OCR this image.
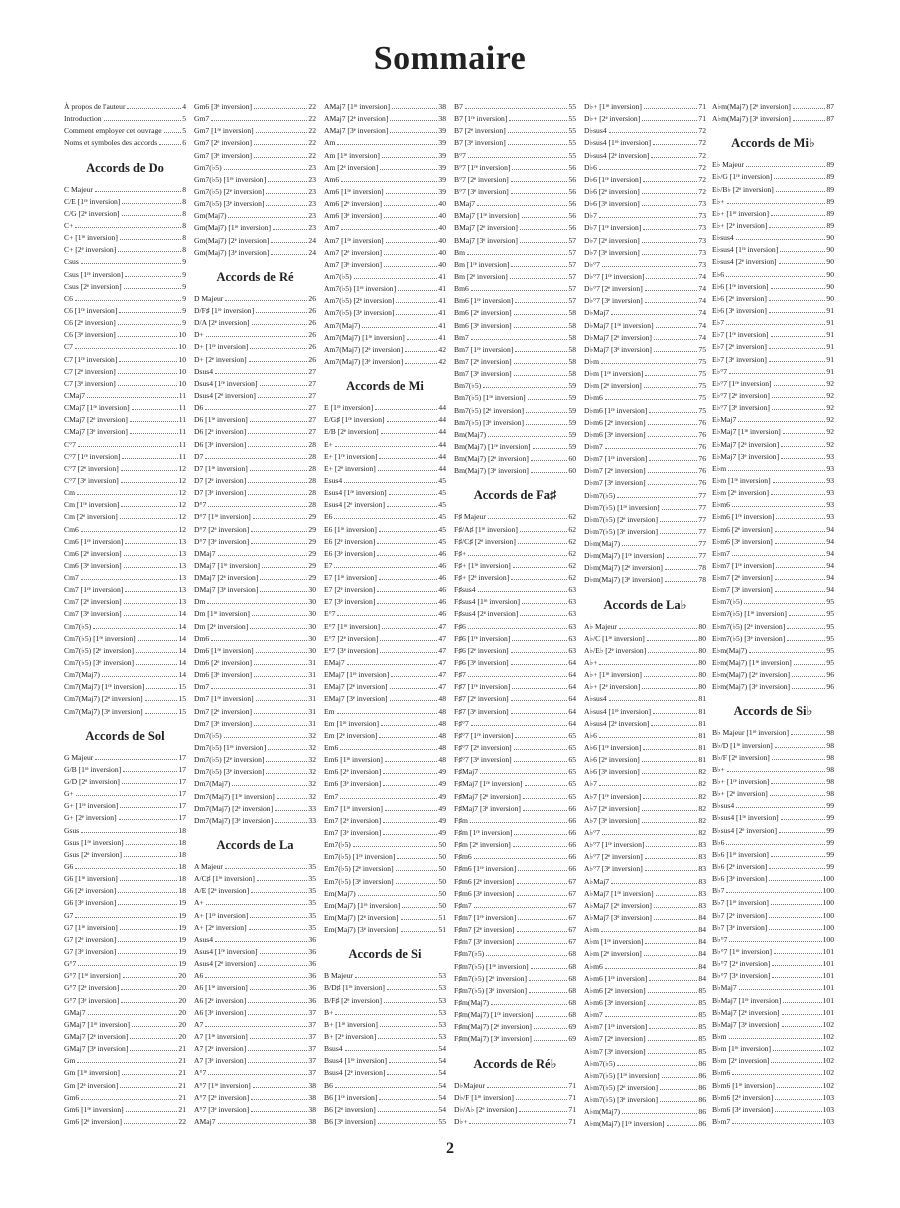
Sommaire
À propos de l'auteur	4
Introduction	5
Comment employer cet ouvrage	5
Noms et symboles des accords	6
Accords de Do
C Majeur	8
C/E [1ʳᵉ inversion]	8
C/G [2ᵉ inversion]	8
C+	8
C+ [1ʳᵉ inversion]	8
C+ [2ᵉ inversion]	8
Csus	9
Csus [1ʳᵉ inversion]	9
Csus [2ᵉ inversion]	9
C6	9
C6 [1ʳᵉ inversion]	9
C6 [2ᵉ inversion]	9
C6 [3ᵉ inversion]	10
C7	10
C7 [1ʳᵉ inversion]	10
C7 [2ᵉ inversion]	10
C7 [3ᵉ inversion]	10
CMaj7	11
CMaj7 [1ʳᵉ inversion]	11
CMaj7 [2ᵉ inversion]	11
CMaj7 [3ᵉ inversion]	11
C°7	11
C°7 [1ʳᵉ inversion]	11
C°7 [2ᵉ inversion]	12
C°7 [3ᵉ inversion]	12
Cm	12
Cm [1ʳᵉ inversion]	12
Cm [2ᵉ inversion]	12
Cm6	12
Cm6 [1ʳᵉ inversion]	13
Cm6 [2ᵉ inversion]	13
Cm6 [3ᵉ inversion]	13
Cm7	13
Cm7 [1ʳᵉ inversion]	13
Cm7 [2ᵉ inversion]	13
Cm7 [3ᵉ inversion]	14
Cm7(♭5)	14
Cm7(♭5) [1ʳᵉ inversion]	14
Cm7(♭5) [2ᵉ inversion]	14
Cm7(♭5) [3ᵉ inversion]	14
Cm7(Maj7)	14
Cm7(Maj7) [1ʳᵉ inversion]	15
Cm7(Maj7) [2ᵉ inversion]	15
Cm7(Maj7) [3ᵉ inversion]	15
Accords de Sol
G Majeur	17
G/B [1ʳᵉ inversion]	17
G/D [2ᵉ inversion]	17
G+	17
G+ [1ʳᵉ inversion]	17
G+ [2ᵉ inversion]	17
Gsus	18
Gsus [1ʳᵉ inversion]	18
Gsus [2ᵉ inversion]	18
G6	18
G6 [1ʳᵉ inversion]	18
G6 [2ᵉ inversion]	18
G6 [3ᵉ inversion]	19
G7	19
G7 [1ʳᵉ inversion]	19
G7 [2ᵉ inversion]	19
G7 [3ᵉ inversion]	19
G°7	19
G°7 [1ʳᵉ inversion]	20
G°7 [2ᵉ inversion]	20
G°7 [3ᵉ inversion]	20
GMaj7	20
GMaj7 [1ʳᵉ inversion]	20
GMaj7 [2ᵉ inversion]	20
GMaj7 [3ᵉ inversion]	21
Gm	21
Gm [1ʳᵉ inversion]	21
Gm [2ᵉ inversion]	21
Gm6	21
Gm6 [1ʳᵉ inversion]	21
Gm6 [2ᵉ inversion]	22
Gm6 [3ᵉ inversion]	22
Gm7	22
Gm7 [1ʳᵉ inversion]	22
Gm7 [2ᵉ inversion]	22
Gm7 [3ᵉ inversion]	22
Gm7(♭5)	23
Gm7(♭5) [1ʳᵉ inversion]	23
Gm7(♭5) [2ᵉ inversion]	23
Gm7(♭5) [3ᵉ inversion]	23
Gm(Maj7)	23
Gm(Maj7) [1ʳᵉ inversion]	23
Gm(Maj7) [2ᵉ inversion]	24
Gm(Maj7) [3ᵉ inversion]	24
Accords de Ré
D Majeur	26
D/F♯ [1ʳᵉ inversion]	26
D/A [2ᵉ inversion]	26
D+	26
D+ [1ʳᵉ inversion]	26
D+ [2ᵉ inversion]	26
Dsus4	27
Dsus4 [1ʳᵉ inversion]	27
Dsus4 [2ᵉ inversion]	27
D6	27
D6 [1ʳᵉ inversion]	27
D6 [2ᵉ inversion]	27
D6 [3ᵉ inversion]	28
D7	28
D7 [1ʳᵉ inversion]	28
D7 [2ᵉ inversion]	28
D7 [3ᵉ inversion]	28
D°7	28
D°7 [1ʳᵉ inversion]	29
D°7 [2ᵉ inversion]	29
D°7 [3ᵉ inversion]	29
DMaj7	29
DMaj7 [1ʳᵉ inversion]	29
DMaj7 [2ᵉ inversion]	29
DMaj7 [3ᵉ inversion]	30
Dm	30
Dm [1ʳᵉ inversion]	30
Dm [2ᵉ inversion]	30
Dm6	30
Dm6 [1ʳᵉ inversion]	30
Dm6 [2ᵉ inversion]	31
Dm6 [3ᵉ inversion]	31
Dm7	31
Dm7 [1ʳᵉ inversion]	31
Dm7 [2ᵉ inversion]	31
Dm7 [3ᵉ inversion]	31
Dm7(♭5)	32
Dm7(♭5) [1ʳᵉ inversion]	32
Dm7(♭5) [2ᵉ inversion]	32
Dm7(♭5) [3ᵉ inversion]	32
Dm7(Maj7)	32
Dm7(Maj7) [1ʳᵉ inversion]	32
Dm7(Maj7) [2ᵉ inversion]	33
Dm7(Maj7) [3ᵉ inversion]	33
Accords de La
A Majeur	35
A/C♯ [1ʳᵉ inversion]	35
A/E [2ᵉ inversion]	35
A+	35
A+ [1ʳᵉ inversion]	35
A+ [2ᵉ inversion]	35
Asus4	36
Asus4 [1ʳᵉ inversion]	36
Asus4 [2ᵉ inversion]	36
A6	36
A6 [1ʳᵉ inversion]	36
A6 [2ᵉ inversion]	36
A6 [3ᵉ inversion]	37
A7	37
A7 [1ʳᵉ inversion]	37
A7 [2ᵉ inversion]	37
A7 [3ᵉ inversion]	37
A°7	37
A°7 [1ʳᵉ inversion]	38
A°7 [2ᵉ inversion]	38
A°7 [3ᵉ inversion]	38
AMaj7	38
AMaj7 [1ʳᵉ inversion]	38
AMaj7 [2ᵉ inversion]	38
AMaj7 [3ᵉ inversion]	39
Am	39
Am [1ʳᵉ inversion]	39
Am [2ᵉ inversion]	39
Am6	39
Am6 [1ʳᵉ inversion]	39
Am6 [2ᵉ inversion]	40
Am6 [3ᵉ inversion]	40
Am7	40
Am7 [1ʳᵉ inversion]	40
Am7 [2ᵉ inversion]	40
Am7 [3ᵉ inversion]	40
Am7(♭5)	41
Am7(♭5) [1ʳᵉ inversion]	41
Am7(♭5) [2ᵉ inversion]	41
Am7(♭5) [3ᵉ inversion]	41
Am7(Maj7)	41
Am7(Maj7) [1ʳᵉ inversion]	41
Am7(Maj7) [2ᵉ inversion]	42
Am7(Maj7) [3ᵉ inversion]	42
Accords de Mi
E [1ʳᵉ inversion]	44
E/G♯ [1ʳᵉ inversion]	44
E/B [2ᵉ inversion]	44
E+	44
E+ [1ʳᵉ inversion]	44
E+ [2ᵉ inversion]	44
Esus4	45
Esus4 [1ʳᵉ inversion]	45
Esus4 [2ᵉ inversion]	45
E6	45
E6 [1ʳᵉ inversion]	45
E6 [2ᵉ inversion]	45
E6 [3ᵉ inversion]	46
E7	46
E7 [1ʳᵉ inversion]	46
E7 [2ᵉ inversion]	46
E7 [3ᵉ inversion]	46
E°7	46
E°7 [1ʳᵉ inversion]	47
E°7 [2ᵉ inversion]	47
E°7 [3ᵉ inversion]	47
EMaj7	47
EMaj7 [1ʳᵉ inversion]	47
EMaj7 [2ᵉ inversion]	47
EMaj7 [3ᵉ inversion]	48
Em	48
Em [1ʳᵉ inversion]	48
Em [2ᵉ inversion]	48
Em6	48
Em6 [1ʳᵉ inversion]	48
Em6 [2ᵉ inversion]	49
Em6 [3ᵉ inversion]	49
Em7	49
Em7 [1ʳᵉ inversion]	49
Em7 [2ᵉ inversion]	49
Em7 [3ᵉ inversion]	49
Em7(♭5)	50
Em7(♭5) [1ʳᵉ inversion]	50
Em7(♭5) [2ᵉ inversion]	50
Em7(♭5) [3ᵉ inversion]	50
Em(Maj7)	50
Em(Maj7) [1ʳᵉ inversion]	50
Em(Maj7) [2ᵉ inversion]	51
Em(Maj7) [3ᵉ inversion]	51
Accords de Si
B Majeur	53
B/D♯ [1ʳᵉ inversion]	53
B/F♯ [2ᵉ inversion]	53
B+	53
B+ [1ʳᵉ inversion]	53
B+ [2ᵉ inversion]	53
Bsus4	54
Bsus4 [1ʳᵉ inversion]	54
Bsus4 [2ᵉ inversion]	54
B6	54
B6 [1ʳᵉ inversion]	54
B6 [2ᵉ inversion]	54
B6 [3ᵉ inversion]	55
B7	55
B7 [1ʳᵉ inversion]	55
B7 [2ᵉ inversion]	55
B7 [3ᵉ inversion]	55
B°7	55
B°7 [1ʳᵉ inversion]	56
B°7 [2ᵉ inversion]	56
B°7 [3ᵉ inversion]	56
BMaj7	56
BMaj7 [1ʳᵉ inversion]	56
BMaj7 [2ᵉ inversion]	56
BMaj7 [3ᵉ inversion]	57
Bm	57
Bm [1ʳᵉ inversion]	57
Bm [2ᵉ inversion]	57
Bm6	57
Bm6 [1ʳᵉ inversion]	57
Bm6 [2ᵉ inversion]	58
Bm6 [3ᵉ inversion]	58
Bm7	58
Bm7 [1ʳᵉ inversion]	58
Bm7 [2ᵉ inversion]	58
Bm7 [3ᵉ inversion]	58
Bm7(♭5)	59
Bm7(♭5) [1ʳᵉ inversion]	59
Bm7(♭5) [2ᵉ inversion]	59
Bm7(♭5) [3ᵉ inversion]	59
Bm(Maj7)	59
Bm(Maj7) [1ʳᵉ inversion]	59
Bm(Maj7) [2ᵉ inversion]	60
Bm(Maj7) [3ᵉ inversion]	60
Accords de Fa♯
F♯ Majeur	62
F♯/A♯ [1ʳᵉ inversion]	62
F♯/C♯ [2ᵉ inversion]	62
F♯+	62
F♯+ [1ʳᵉ inversion]	62
F♯+ [2ᵉ inversion]	62
F♯sus4	63
F♯sus4 [1ʳᵉ inversion]	63
F♯sus4 [2ᵉ inversion]	63
F♯6	63
F♯6 [1ʳᵉ inversion]	63
F♯6 [2ᵉ inversion]	63
F♯6 [3ᵉ inversion]	64
F♯7	64
F♯7 [1ʳᵉ inversion]	64
F♯7 [2ᵉ inversion]	64
F♯7 [3ᵉ inversion]	64
F♯°7	64
F♯°7 [1ʳᵉ inversion]	65
F♯°7 [2ᵉ inversion]	65
F♯°7 [3ᵉ inversion]	65
F♯Maj7	65
F♯Maj7 [1ʳᵉ inversion]	65
F♯Maj7 [2ᵉ inversion]	65
F♯Maj7 [3ᵉ inversion]	66
F♯m	66
F♯m [1ʳᵉ inversion]	66
F♯m [2ᵉ inversion]	66
F♯m6	66
F♯m6 [1ʳᵉ inversion]	66
F♯m6 [2ᵉ inversion]	67
F♯m6 [3ᵉ inversion]	67
F♯m7	67
F♯m7 [1ʳᵉ inversion]	67
F♯m7 [2ᵉ inversion]	67
F♯m7 [3ᵉ inversion]	67
F♯m7(♭5)	68
F♯m7(♭5) [1ʳᵉ inversion]	68
F♯m7(♭5) [2ᵉ inversion]	68
F♯m7(♭5) [3ᵉ inversion]	68
F♯m(Maj7)	68
F♯m(Maj7) [1ʳᵉ inversion]	68
F♯m(Maj7) [2ᵉ inversion]	69
F♯m(Maj7) [3ᵉ inversion]	69
Accords de Ré♭
D♭Majeur	71
D♭/F [1ʳᵉ inversion]	71
D♭/A♭ [2ᵉ inversion]	71
D♭+	71
D♭+ [1ʳᵉ inversion]	71
D♭+ [2ᵉ inversion]	71
D♭sus4	72
D♭sus4 [1ʳᵉ inversion]	72
D♭sus4 [2ᵉ inversion]	72
D♭6	72
D♭6 [1ʳᵉ inversion]	72
D♭6 [2ᵉ inversion]	72
D♭6 [3ᵉ inversion]	73
D♭7	73
D♭7 [1ʳᵉ inversion]	73
D♭7 [2ᵉ inversion]	73
D♭7 [3ᵉ inversion]	73
D♭°7	73
D♭°7 [1ʳᵉ inversion]	74
D♭°7 [2ᵉ inversion]	74
D♭°7 [3ᵉ inversion]	74
D♭Maj7	74
D♭Maj7 [1ʳᵉ inversion]	74
D♭Maj7 [2ᵉ inversion]	74
D♭Maj7 [3ᵉ inversion]	75
D♭m	75
D♭m [1ʳᵉ inversion]	75
D♭m [2ᵉ inversion]	75
D♭m6	75
D♭m6 [1ʳᵉ inversion]	75
D♭m6 [2ᵉ inversion]	76
D♭m6 [3ᵉ inversion]	76
D♭m7	76
D♭m7 [1ʳᵉ inversion]	76
D♭m7 [2ᵉ inversion]	76
D♭m7 [3ᵉ inversion]	76
D♭m7(♭5)	77
D♭m7(♭5) [1ʳᵉ inversion]	77
D♭m7(♭5) [2ᵉ inversion]	77
D♭m7(♭5) [3ᵉ inversion]	77
D♭m(Maj7)	77
D♭m(Maj7) [1ʳᵉ inversion]	77
D♭m(Maj7) [2ᵉ inversion]	78
D♭m(Maj7) [3ᵉ inversion]	78
Accords de La♭
A♭ Majeur	80
A♭/C [1ʳᵉ inversion]	80
A♭/E♭ [2ᵉ inversion]	80
A♭+	80
A♭+ [1ʳᵉ inversion]	80
A♭+ [2ᵉ inversion]	80
A♭sus4	81
A♭sus4 [1ʳᵉ inversion]	81
A♭sus4 [2ᵉ inversion]	81
A♭6	81
A♭6 [1ʳᵉ inversion]	81
A♭6 [2ᵉ inversion]	81
A♭6 [3ᵉ inversion]	82
A♭7	82
A♭7 [1ʳᵉ inversion]	82
A♭7 [2ᵉ inversion]	82
A♭7 [3ᵉ inversion]	82
A♭°7	82
A♭°7 [1ʳᵉ inversion]	83
A♭°7 [2ᵉ inversion]	83
A♭°7 [3ᵉ inversion]	83
A♭Maj7	83
A♭Maj7 [1ʳᵉ inversion]	83
A♭Maj7 [2ᵉ inversion]	83
A♭Maj7 [3ᵉ inversion]	84
A♭m	84
A♭m [1ʳᵉ inversion]	84
A♭m [2ᵉ inversion]	84
A♭m6	84
A♭m6 [1ʳᵉ inversion]	84
A♭m6 [2ᵉ inversion]	85
A♭m6 [3ᵉ inversion]	85
A♭m7	85
A♭m7 [1ʳᵉ inversion]	85
A♭m7 [2ᵉ inversion]	85
A♭m7 [3ᵉ inversion]	85
A♭m7(♭5)	86
A♭m7(♭5) [1ʳᵉ inversion]	86
A♭m7(♭5) [2ᵉ inversion]	86
A♭m7(♭5) [3ᵉ inversion]	86
A♭m(Maj7)	86
A♭m(Maj7) [1ʳᵉ inversion]	86
A♭m(Maj7) [2ᵉ inversion]	87
A♭m(Maj7) [3ᵉ inversion]	87
Accords de Mi♭
E♭ Majeur	89
E♭/G [1ʳᵉ inversion]	89
E♭/B♭ [2ᵉ inversion]	89
E♭+	89
E♭+ [1ʳᵉ inversion]	89
E♭+ [2ᵉ inversion]	89
E♭sus4	90
E♭sus4 [1ʳᵉ inversion]	90
E♭sus4 [2ᵉ inversion]	90
E♭6	90
E♭6 [1ʳᵉ inversion]	90
E♭6 [2ᵉ inversion]	90
E♭6 [3ᵉ inversion]	91
E♭7	91
E♭7 [1ʳᵉ inversion]	91
E♭7 [2ᵉ inversion]	91
E♭7 [3ᵉ inversion]	91
E♭°7	91
E♭°7 [1ʳᵉ inversion]	92
E♭°7 [2ᵉ inversion]	92
E♭°7 [3ᵉ inversion]	92
E♭Maj7	92
E♭Maj7 [1ʳᵉ inversion]	92
E♭Maj7 [2ᵉ inversion]	92
E♭Maj7 [3ᵉ inversion]	93
E♭m	93
E♭m [1ʳᵉ inversion]	93
E♭m [2ᵉ inversion]	93
E♭m6	93
E♭m6 [1ʳᵉ inversion]	93
E♭m6 [2ᵉ inversion]	94
E♭m6 [3ᵉ inversion]	94
E♭m7	94
E♭m7 [1ʳᵉ inversion]	94
E♭m7 [2ᵉ inversion]	94
E♭m7 [3ᵉ inversion]	94
E♭m7(♭5)	95
E♭m7(♭5) [1ʳᵉ inversion]	95
E♭m7(♭5) [2ᵉ inversion]	95
E♭m7(♭5) [3ᵉ inversion]	95
E♭m(Maj7)	95
E♭m(Maj7) [1ʳᵉ inversion]	95
E♭m(Maj7) [2ᵉ inversion]	96
E♭m(Maj7) [3ᵉ inversion]	96
Accords de Si♭
B♭ Majeur [1ʳᵉ inversion]	98
B♭/D [1ʳᵉ inversion]	98
B♭/F [2ᵉ inversion]	98
B♭+	98
B♭+ [1ʳᵉ inversion]	98
B♭+ [2ᵉ inversion]	98
B♭sus4	99
B♭sus4 [1ʳᵉ inversion]	99
B♭sus4 [2ᵉ inversion]	99
B♭6	99
B♭6 [1ʳᵉ inversion]	99
B♭6 [2ᵉ inversion]	99
B♭6 [3ᵉ inversion]	100
B♭7	100
B♭7 [1ʳᵉ inversion]	100
B♭7 [2ᵉ inversion]	100
B♭7 [3ᵉ inversion]	100
B♭°7	100
B♭°7 [1ʳᵉ inversion]	101
B♭°7 [2ᵉ inversion]	101
B♭°7 [3ᵉ inversion]	101
B♭Maj7	101
B♭Maj7 [1ʳᵉ inversion]	101
B♭Maj7 [2ᵉ inversion]	101
B♭Maj7 [3ᵉ inversion]	102
B♭m	102
B♭m [1ʳᵉ inversion]	102
B♭m [2ᵉ inversion]	102
B♭m6	102
B♭m6 [1ʳᵉ inversion]	102
B♭m6 [2ᵉ inversion]	103
B♭m6 [3ᵉ inversion]	103
B♭m7	103
2
